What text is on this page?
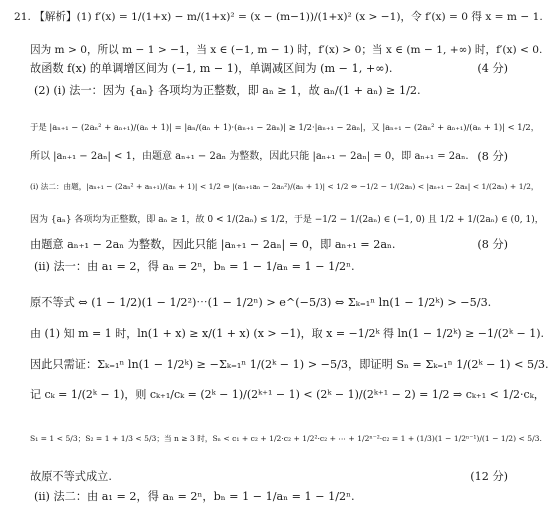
21. 【解析】(1) f′(x) = 1/(1+x) − m/(1+x)² = (x − (m−1))/(1+x)² (x > −1)，令 f′(x) = 0 得 x = m − 1.
因为 m > 0，所以 m − 1 > −1，当 x ∈ (−1, m − 1) 时，f′(x) > 0；当 x ∈ (m − 1, +∞) 时，f′(x) < 0.
故函数 f(x) 的单调增区间为 (−1, m − 1)，单调减区间为 (m − 1, +∞).	(4 分)
(2) (i) 法一：因为 {aₙ} 各项均为正整数，即 aₙ ≥ 1，故 aₙ/(1 + aₙ) ≥ 1/2.
于是 |aₙ₊₁ − (2aₙ² + aₙ₊₁)/(aₙ + 1)| = |aₙ/(aₙ + 1)·(aₙ₊₁ − 2aₙ)| ≥ 1/2·|aₙ₊₁ − 2aₙ|，又 |aₙ₊₁ − (2aₙ² + aₙ₊₁)/(aₙ + 1)| < 1/2，
所以 |aₙ₊₁ − 2aₙ| < 1，由题意 aₙ₊₁ − 2aₙ 为整数，因此只能 |aₙ₊₁ − 2aₙ| = 0，即 aₙ₊₁ = 2aₙ. (8 分)
(i) 法二：由题，|aₙ₊₁ − (2aₙ² + aₙ₊₁)/(aₙ + 1)| < 1/2 ⇔ |(aₙ₊₁aₙ − 2aₙ²)/(aₙ + 1)| < 1/2 ⇔ −1/2 − 1/(2aₙ) < |aₙ₊₁ − 2aₙ| < 1/(2aₙ) + 1/2，
因为 {aₙ} 各项均为正整数，即 aₙ ≥ 1，故 0 < 1/(2aₙ) ≤ 1/2，于是 −1/2 − 1/(2aₙ) ∈ (−1, 0) 且 1/2 + 1/(2aₙ) ∈ (0, 1)，
由题意 aₙ₊₁ − 2aₙ 为整数，因此只能 |aₙ₊₁ − 2aₙ| = 0，即 aₙ₊₁ = 2aₙ.	(8 分)
(ii) 法一：由 a₁ = 2，得 aₙ = 2ⁿ，bₙ = 1 − 1/aₙ = 1 − 1/2ⁿ.
原不等式 ⇔ (1 − 1/2)(1 − 1/2²)⋯(1 − 1/2ⁿ) > e^(−5/3) ⇔ Σₖ₌₁ⁿ ln(1 − 1/2ᵏ) > −5/3.
由 (1) 知 m = 1 时，ln(1 + x) ≥ x/(1 + x) (x > −1)，取 x = −1/2ᵏ 得 ln(1 − 1/2ᵏ) ≥ −1/(2ᵏ − 1).
因此只需证：Σₖ₌₁ⁿ ln(1 − 1/2ᵏ) ≥ −Σₖ₌₁ⁿ 1/(2ᵏ − 1) > −5/3，即证明 Sₙ = Σₖ₌₁ⁿ 1/(2ᵏ − 1) < 5/3.
记 cₖ = 1/(2ᵏ − 1)，则 cₖ₊₁/cₖ = (2ᵏ − 1)/(2ᵏ⁺¹ − 1) < (2ᵏ − 1)/(2ᵏ⁺¹ − 2) = 1/2 ⇒ cₖ₊₁ < 1/2·cₖ，
S₁ = 1 < 5/3；S₂ = 1 + 1/3 < 5/3；当 n ≥ 3 时，Sₙ < c₁ + c₂ + 1/2·c₂ + 1/2²·c₂ + ⋯ + 1/2ⁿ⁻²·c₂ = 1 + (1/3)(1 − 1/2ⁿ⁻¹)/(1 − 1/2) < 5/3.
故原不等式成立.	(12 分)
(ii) 法二：由 a₁ = 2，得 aₙ = 2ⁿ，bₙ = 1 − 1/aₙ = 1 − 1/2ⁿ.
